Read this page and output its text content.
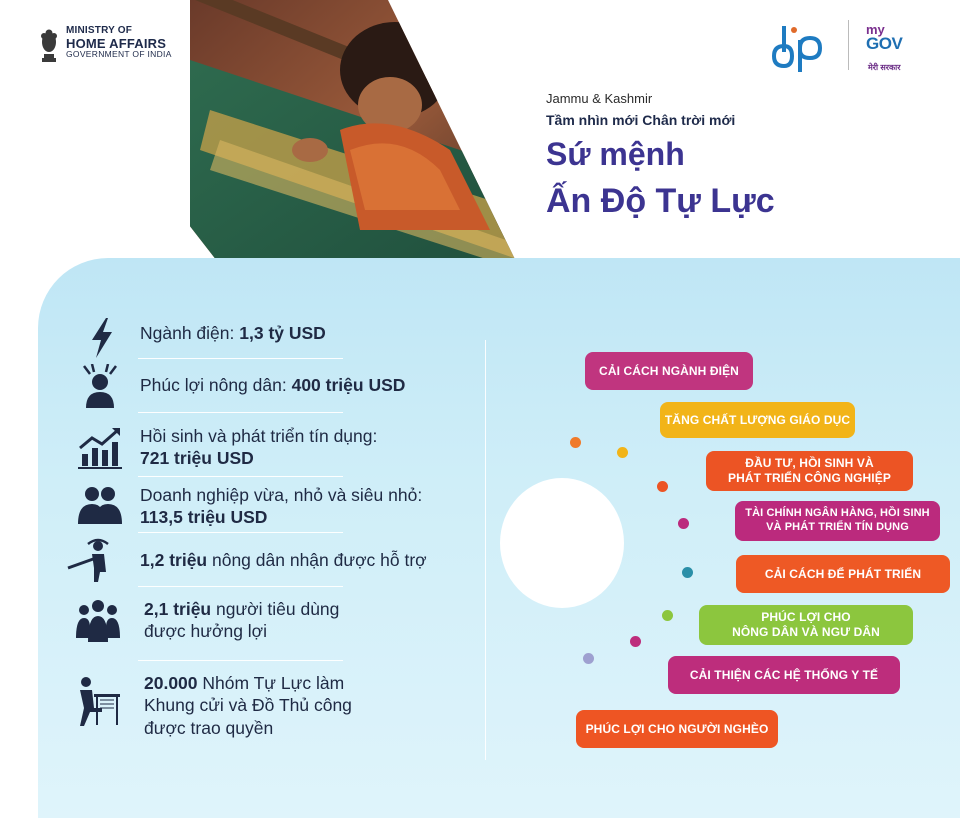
MINISTRY OF
HOME AFFAIRS
GOVERNMENT OF INDIA
my
GOV
मेरी सरकार
Jammu & Kashmir
Tầm nhìn mới Chân trời mới
Sứ mệnh
Ấn Độ Tự Lực
Ngành điện: 1,3 tỷ USD
Phúc lợi nông dân: 400 triệu USD
Hồi sinh và phát triển tín dụng:
721 triệu USD
Doanh nghiệp vừa, nhỏ và siêu nhỏ:
113,5 triệu USD
1,2 triệu nông dân nhận được hỗ trợ
2,1 triệu người tiêu dùng
được hưởng lợi
20.000 Nhóm Tự Lực làm
Khung cửi và Đồ Thủ công
được trao quyền
CẢI CÁCH NGÀNH ĐIỆN
TĂNG CHẤT LƯỢNG GIÁO DỤC
ĐẦU TƯ, HỒI SINH VÀ
PHÁT TRIỂN CÔNG NGHIỆP
TÀI CHÍNH NGÂN HÀNG, HỒI SINH
VÀ PHÁT TRIỂN TÍN DỤNG
CẢI CÁCH ĐỂ PHÁT TRIỂN
PHÚC LỢI CHO
NÔNG DÂN VÀ NGƯ DÂN
CẢI THIỆN CÁC HỆ THỐNG Y TẾ
PHÚC LỢI CHO NGƯỜI NGHÈO
